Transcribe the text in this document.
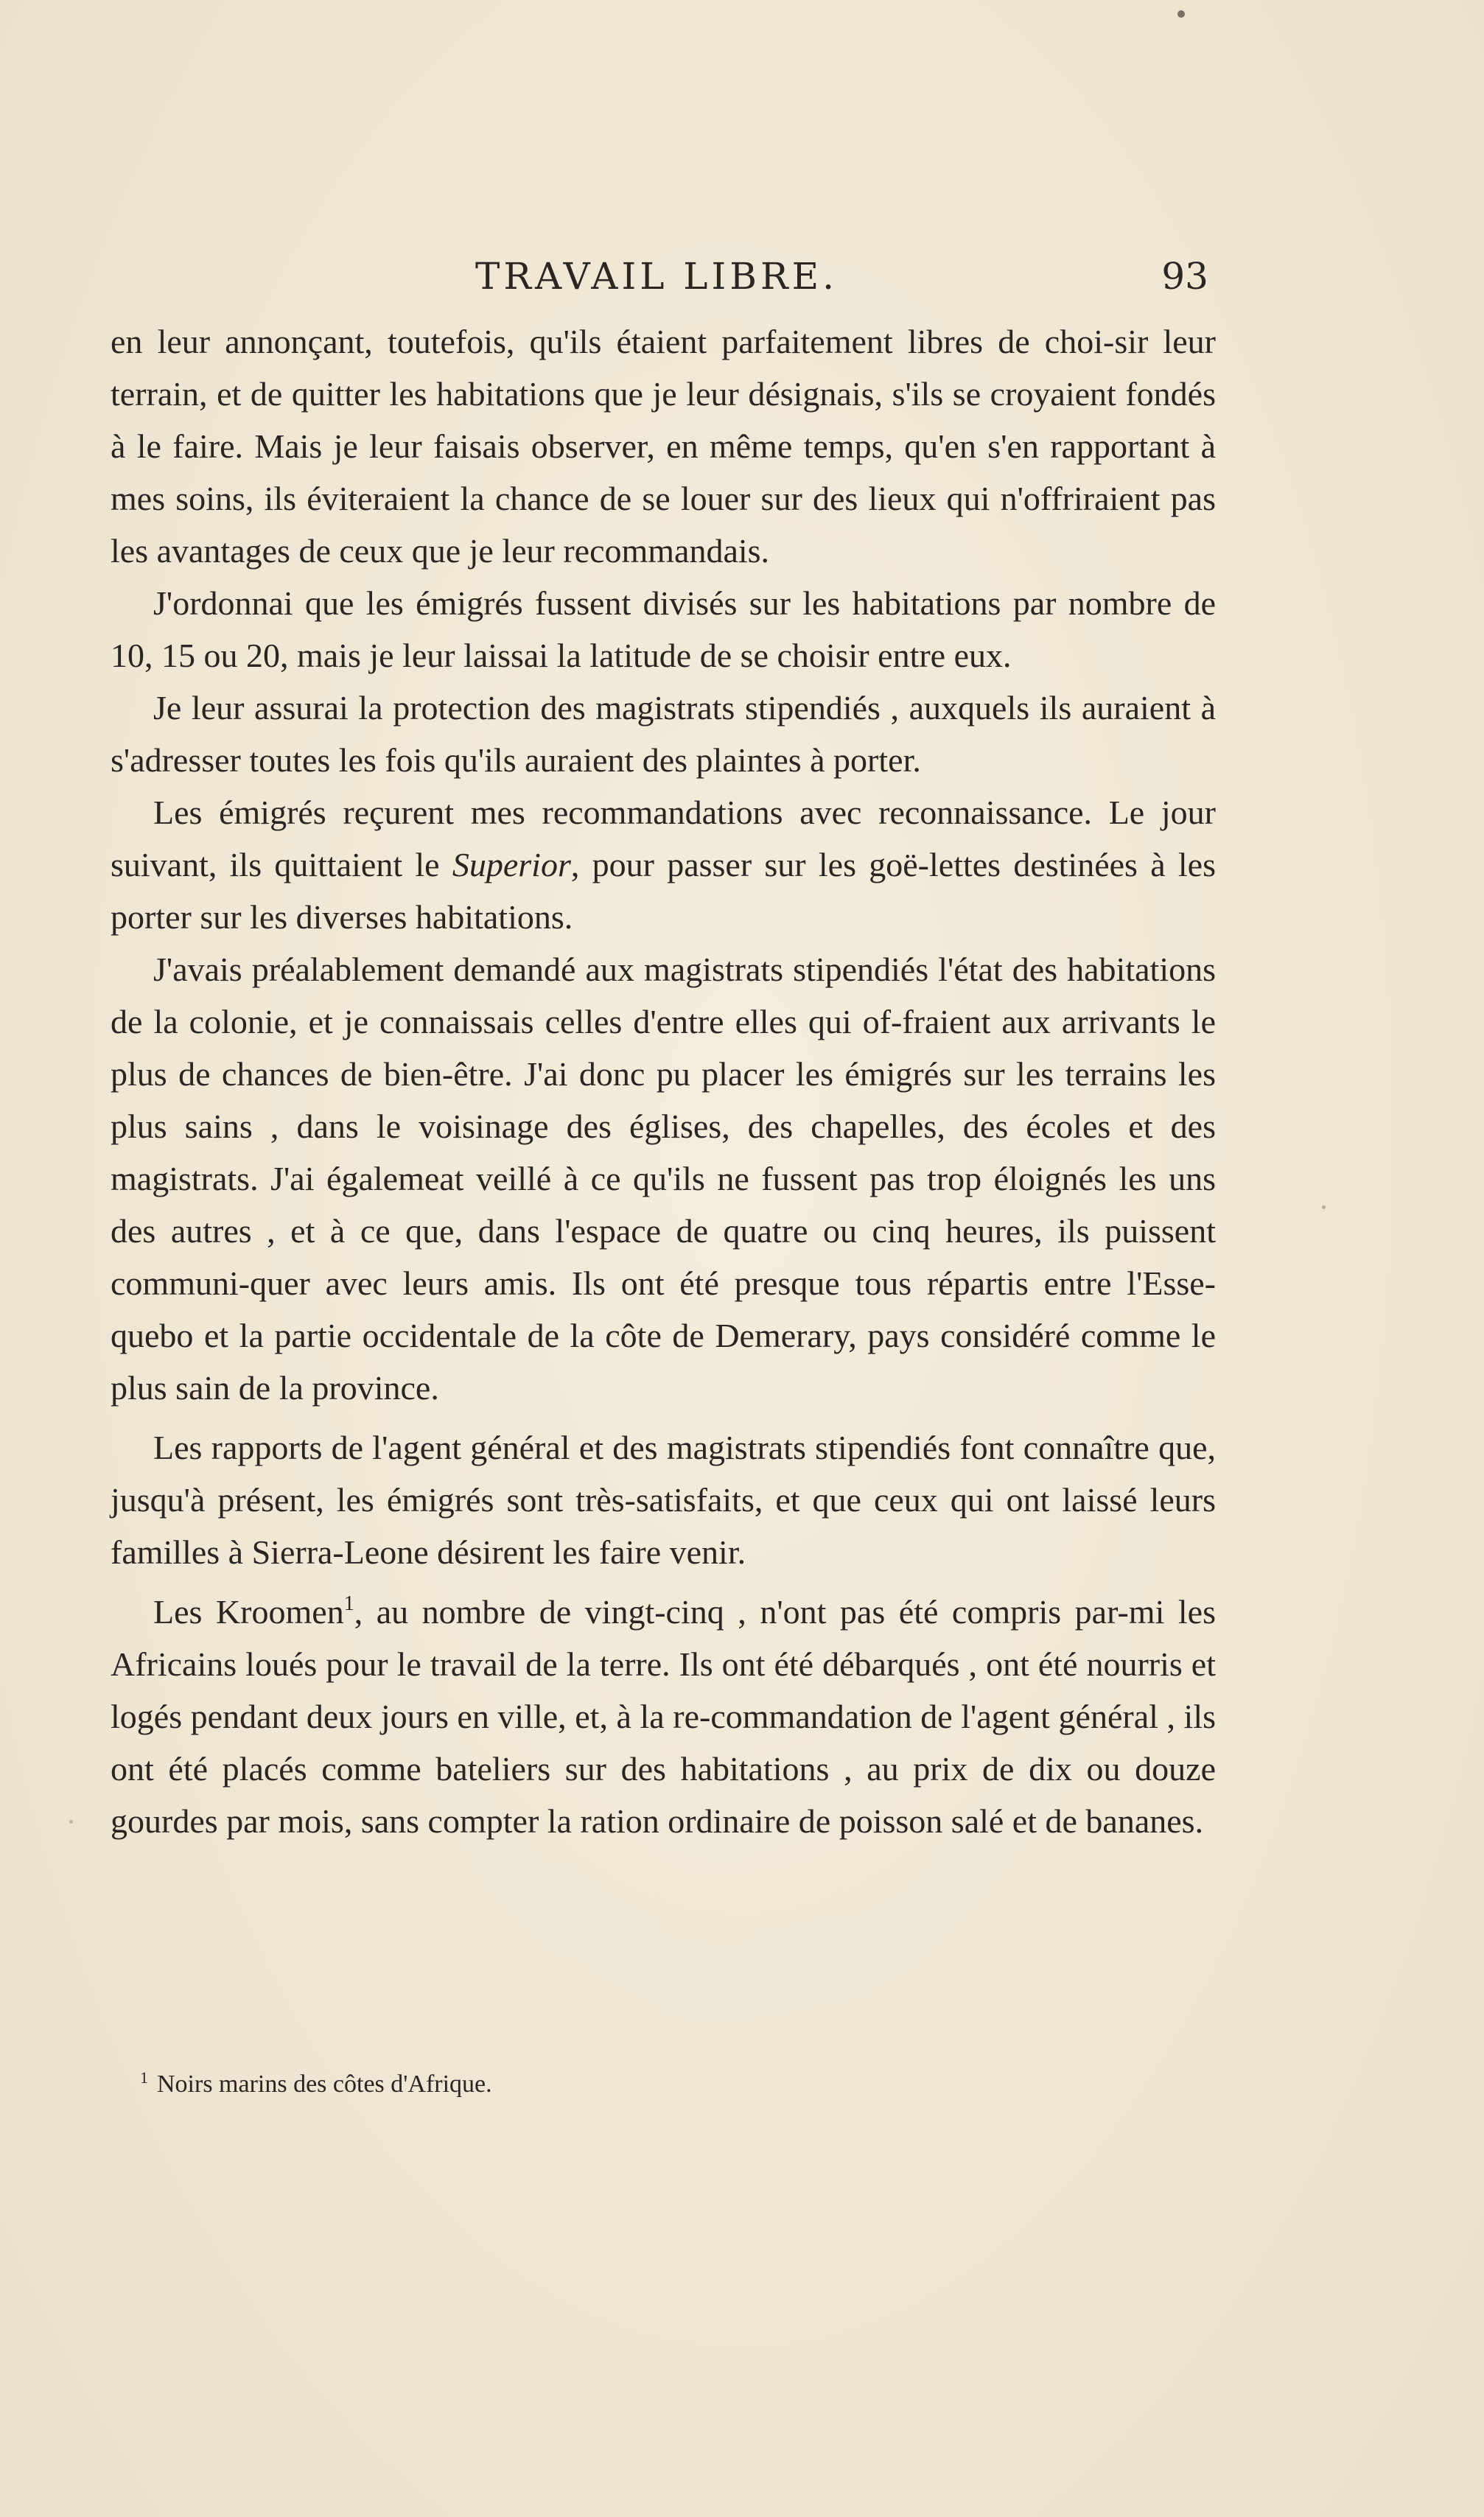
TRAVAIL LIBRE.	93

en leur annonçant, toutefois, qu'ils étaient parfaitement libres de choi-sir leur terrain, et de quitter les habitations que je leur désignais, s'ils se croyaient fondés à le faire. Mais je leur faisais observer, en même temps, qu'en s'en rapportant à mes soins, ils éviteraient la chance de se louer sur des lieux qui n'offriraient pas les avantages de ceux que je leur recommandais.

J'ordonnai que les émigrés fussent divisés sur les habitations par nombre de 10, 15 ou 20, mais je leur laissai la latitude de se choisir entre eux.

Je leur assurai la protection des magistrats stipendiés , auxquels ils auraient à s'adresser toutes les fois qu'ils auraient des plaintes à porter.

Les émigrés reçurent mes recommandations avec reconnaissance. Le jour suivant, ils quittaient le Superior, pour passer sur les goë-lettes destinées à les porter sur les diverses habitations.

J'avais préalablement demandé aux magistrats stipendiés l'état des habitations de la colonie, et je connaissais celles d'entre elles qui of-fraient aux arrivants le plus de chances de bien-être. J'ai donc pu placer les émigrés sur les terrains les plus sains , dans le voisinage des églises, des chapelles, des écoles et des magistrats. J'ai égalemeat veillé à ce qu'ils ne fussent pas trop éloignés les uns des autres , et à ce que, dans l'espace de quatre ou cinq heures, ils puissent communi-quer avec leurs amis. Ils ont été presque tous répartis entre l'Esse-quebo et la partie occidentale de la côte de Demerary, pays considéré comme le plus sain de la province.

Les rapports de l'agent général et des magistrats stipendiés font connaître que, jusqu'à présent, les émigrés sont très-satisfaits, et que ceux qui ont laissé leurs familles à Sierra-Leone désirent les faire venir.

Les Kroomen$^1$, au nombre de vingt-cinq , n'ont pas été compris par-mi les Africains loués pour le travail de la terre. Ils ont été débarqués , ont été nourris et logés pendant deux jours en ville, et, à la re-commandation de l'agent général , ils ont été placés comme bateliers sur des habitations , au prix de dix ou douze gourdes par mois, sans compter la ration ordinaire de poisson salé et de bananes.

$^1$ Noirs marins des côtes d'Afrique.
